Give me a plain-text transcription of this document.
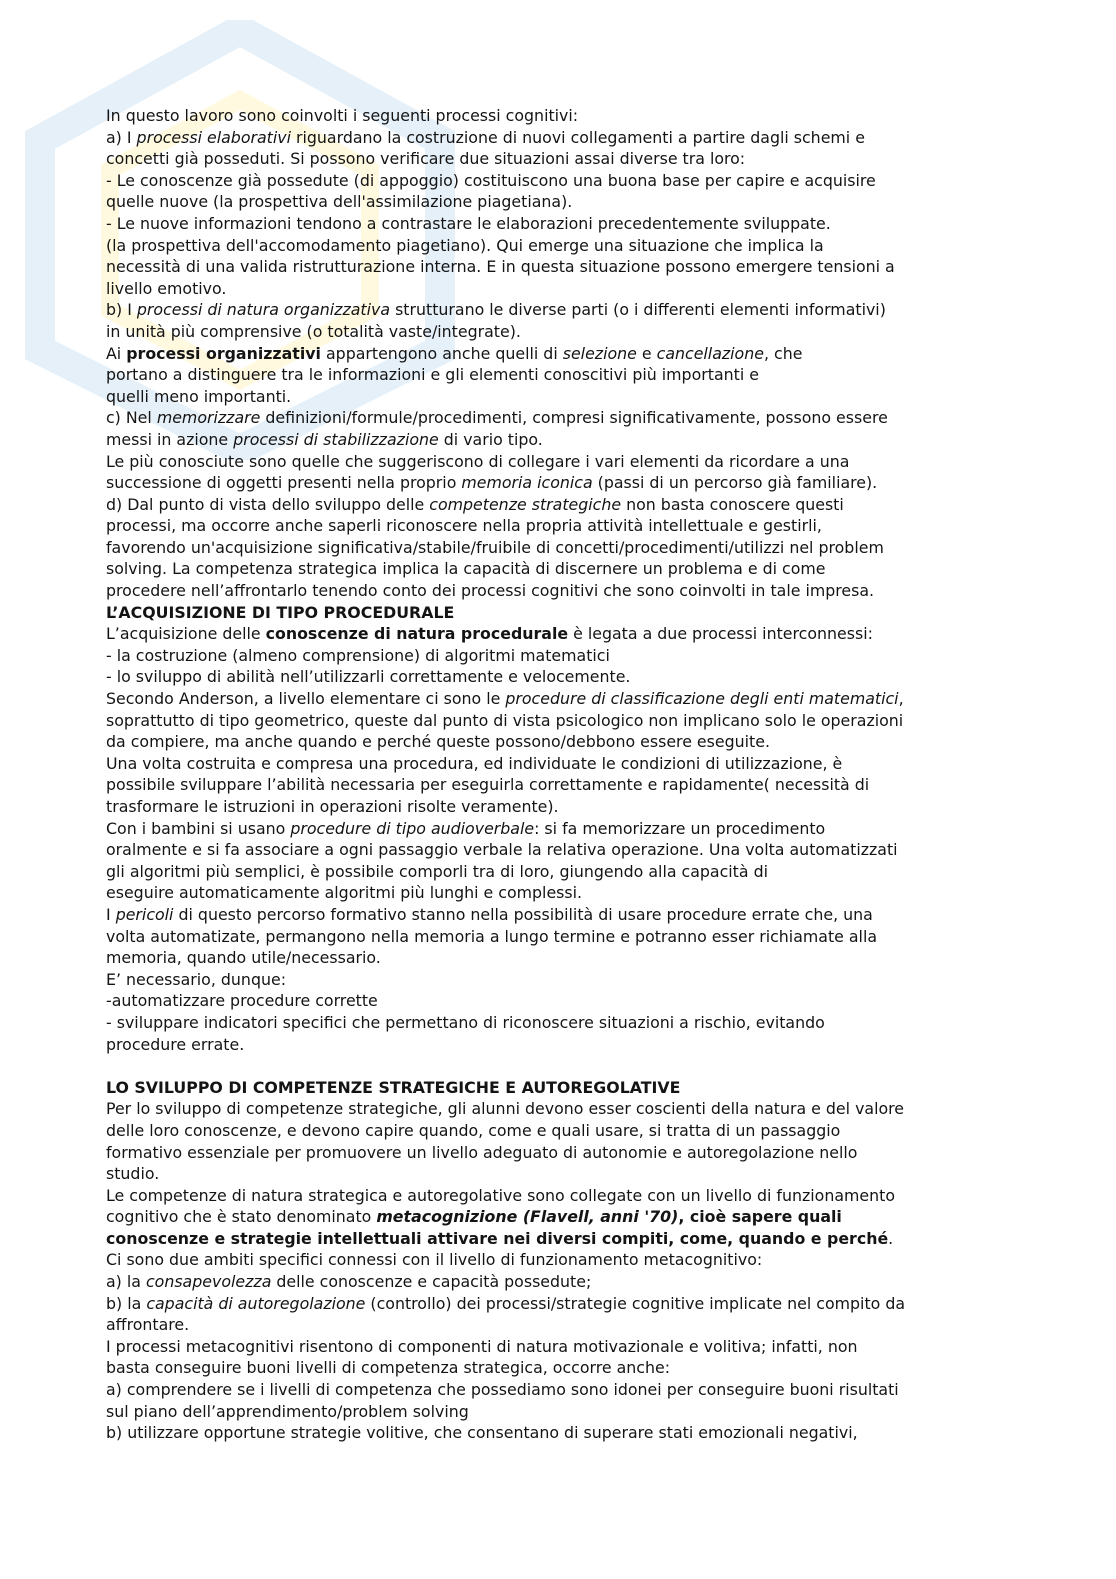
In questo lavoro sono coinvolti i seguenti processi cognitivi:

a) I processi elaborativi riguardano la costruzione di nuovi collegamenti a partire dagli schemi e

concetti già posseduti. Si possono verificare due situazioni assai diverse tra loro:

- Le conoscenze già possedute (di appoggio) costituiscono una buona base per capire e acquisire

quelle nuove (la prospettiva dell'assimilazione piagetiana).

- Le nuove informazioni tendono a contrastare le elaborazioni precedentemente sviluppate.

(la prospettiva dell'accomodamento piagetiano). Qui emerge una situazione che implica la

necessità di una valida ristrutturazione interna. E in questa situazione possono emergere tensioni a

livello emotivo.

b) I processi di natura organizzativa strutturano le diverse parti (o i differenti elementi informativi)

in unità più comprensive (o totalità vaste/integrate).

Ai processi organizzativi appartengono anche quelli di selezione e cancellazione, che

portano a distinguere tra le informazioni e gli elementi conoscitivi più importanti e

quelli meno importanti.

c) Nel memorizzare definizioni/formule/procedimenti, compresi significativamente, possono essere

messi in azione processi di stabilizzazione di vario tipo.

Le più conosciute sono quelle che suggeriscono di collegare i vari elementi da ricordare a una

successione di oggetti presenti nella proprio memoria iconica (passi di un percorso già familiare).

d) Dal punto di vista dello sviluppo delle competenze strategiche non basta conoscere questi

processi, ma occorre anche saperli riconoscere nella propria attività intellettuale e gestirli,

favorendo un'acquisizione significativa/stabile/fruibile di concetti/procedimenti/utilizzi nel problem

solving. La competenza strategica implica la capacità di discernere un problema e di come

procedere nell’affrontarlo tenendo conto dei processi cognitivi che sono coinvolti in tale impresa.

L’ACQUISIZIONE DI TIPO PROCEDURALE

L’acquisizione delle conoscenze di natura procedurale è legata a due processi interconnessi:

- la costruzione (almeno comprensione) di algoritmi matematici

- lo sviluppo di abilità nell’utilizzarli correttamente e velocemente.

Secondo Anderson, a livello elementare ci sono le procedure di classificazione degli enti matematici,

soprattutto di tipo geometrico, queste dal punto di vista psicologico non implicano solo le operazioni

da compiere, ma anche quando e perché queste possono/debbono essere eseguite.

Una volta costruita e compresa una procedura, ed individuate le condizioni di utilizzazione, è

possibile sviluppare l’abilità necessaria per eseguirla correttamente e rapidamente( necessità di

trasformare le istruzioni in operazioni risolte veramente).

Con i bambini si usano procedure di tipo audioverbale: si fa memorizzare un procedimento

oralmente e si fa associare a ogni passaggio verbale la relativa operazione. Una volta automatizzati

gli algoritmi più semplici, è possibile comporli tra di loro, giungendo alla capacità di

eseguire automaticamente algoritmi più lunghi e complessi.

I pericoli di questo percorso formativo stanno nella possibilità di usare procedure errate che, una

volta automatizate, permangono nella memoria a lungo termine e potranno esser richiamate alla

memoria, quando utile/necessario.

E’ necessario, dunque:

-automatizzare procedure corrette

- sviluppare indicatori specifici che permettano di riconoscere situazioni a rischio, evitando

procedure errate.

LO SVILUPPO DI COMPETENZE STRATEGICHE E AUTOREGOLATIVE

Per lo sviluppo di competenze strategiche, gli alunni devono esser coscienti della natura e del valore

delle loro conoscenze, e devono capire quando, come e quali usare, si tratta di un passaggio

formativo essenziale per promuovere un livello adeguato di autonomie e autoregolazione nello

studio.

Le competenze di natura strategica e autoregolative sono collegate con un livello di funzionamento

cognitivo che è stato denominato metacognizione (Flavell, anni '70), cioè sapere quali

conoscenze e strategie intellettuali attivare nei diversi compiti, come, quando e perché.

Ci sono due ambiti specifici connessi con il livello di funzionamento metacognitivo:

a) la consapevolezza delle conoscenze e capacità possedute;

b) la capacità di autoregolazione (controllo) dei processi/strategie cognitive implicate nel compito da

affrontare.

I processi metacognitivi risentono di componenti di natura motivazionale e volitiva; infatti, non

basta conseguire buoni livelli di competenza strategica, occorre anche:

a) comprendere se i livelli di competenza che possediamo sono idonei per conseguire buoni risultati

sul piano dell’apprendimento/problem solving

b) utilizzare opportune strategie volitive, che consentano di superare stati emozionali negativi,
